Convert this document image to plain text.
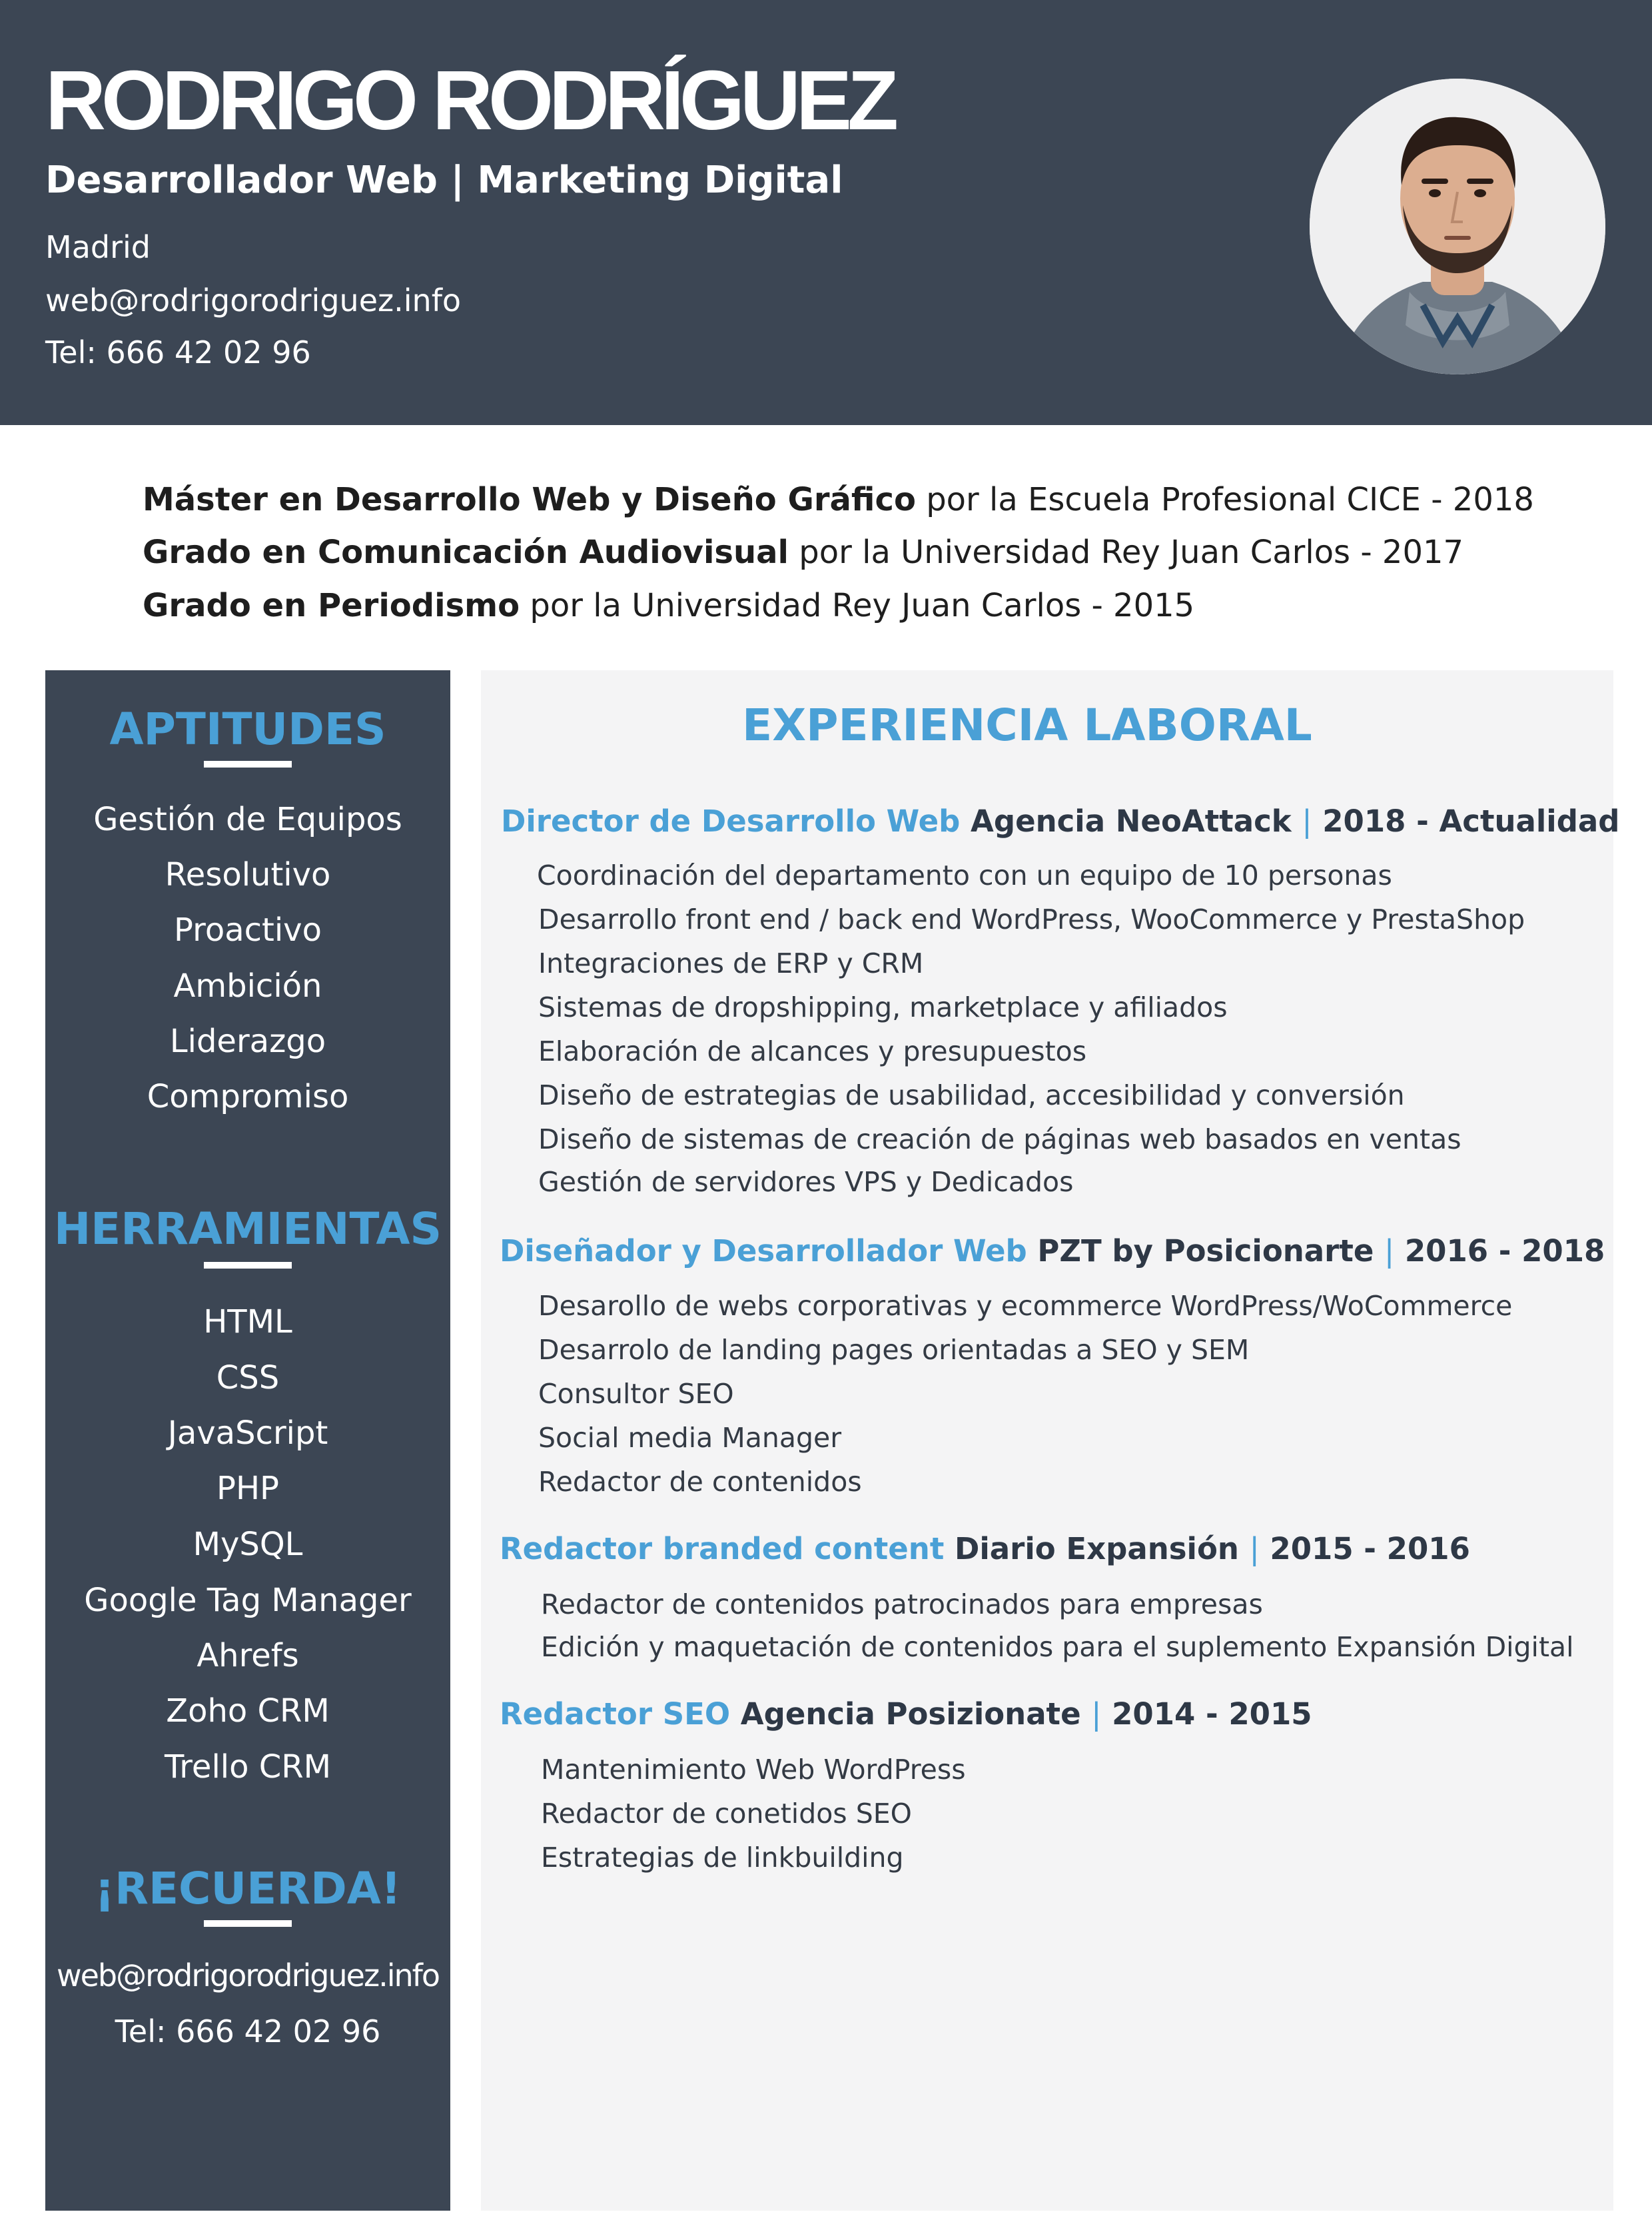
RODRIGO RODRÍGUEZ
Desarrollador Web | Marketing Digital
Madrid
web@rodrigorodriguez.info
Tel: 666 42 02 96
Máster en Desarrollo Web y Diseño Gráfico por la Escuela Profesional CICE - 2018
Grado en Comunicación Audiovisual por la Universidad Rey Juan Carlos - 2017
Grado en Periodismo por la Universidad Rey Juan Carlos - 2015
APTITUDES
Gestión de Equipos
Resolutivo
Proactivo
Ambición
Liderazgo
Compromiso
HERRAMIENTAS
HTML
CSS
JavaScript
PHP
MySQL
Google Tag Manager
Ahrefs
Zoho CRM
Trello CRM
¡RECUERDA!
web@rodrigorodriguez.info
Tel: 666 42 02 96
EXPERIENCIA LABORAL
Director de Desarrollo Web Agencia NeoAttack | 2018 - Actualidad
Coordinación del departamento con un equipo de 10 personas
Desarrollo front end / back end WordPress, WooCommerce y PrestaShop
Integraciones de ERP y CRM
Sistemas de dropshipping, marketplace y afiliados
Elaboración de alcances y presupuestos
Diseño de estrategias de usabilidad, accesibilidad y conversión
Diseño de sistemas de creación de páginas web basados en ventas
Gestión de servidores VPS y Dedicados
Diseñador y Desarrollador Web PZT by Posicionarte | 2016 - 2018
Desarollo de webs corporativas y ecommerce WordPress/WoCommerce
Desarrolo de landing pages orientadas a SEO y SEM
Consultor SEO
Social media Manager
Redactor de contenidos
Redactor branded content Diario Expansión | 2015 - 2016
Redactor de contenidos patrocinados para empresas
Edición y maquetación de contenidos para el suplemento Expansión Digital
Redactor SEO Agencia Posizionate | 2014 - 2015
Mantenimiento Web WordPress
Redactor de conetidos SEO
Estrategias de linkbuilding
